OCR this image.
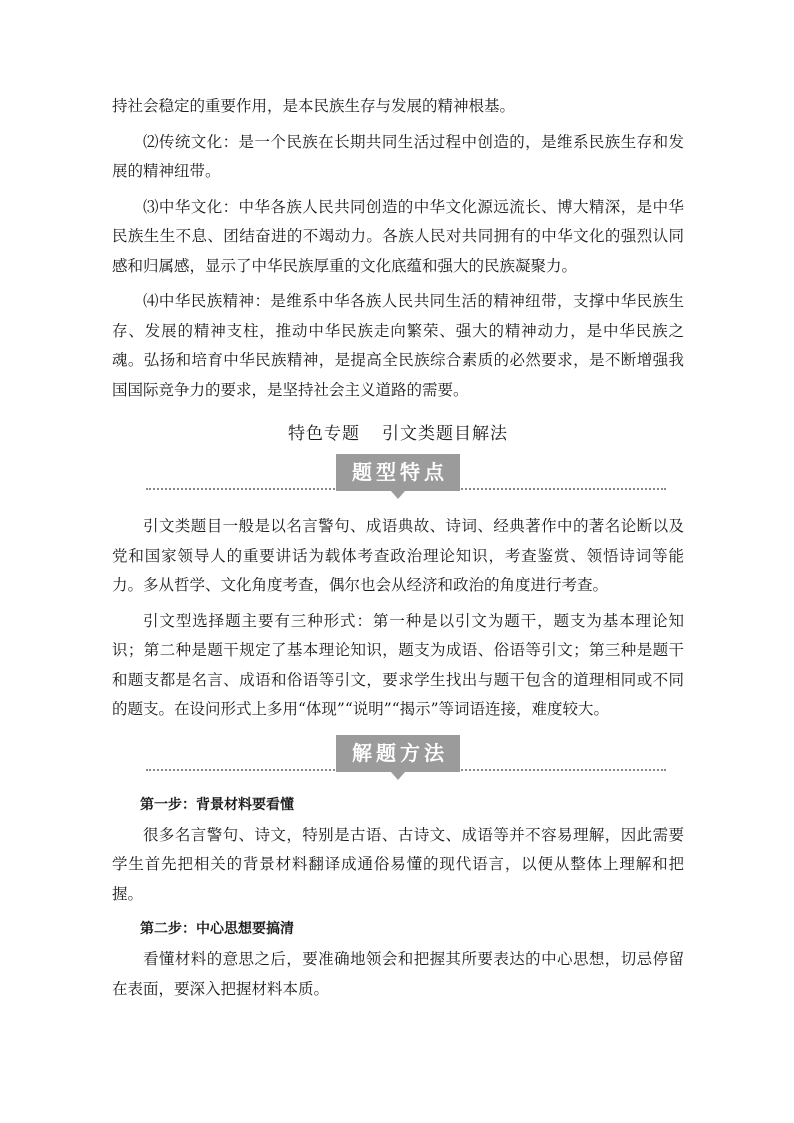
持社会稳定的重要作用，是本民族生存与发展的精神根基。

⑵传统文化：是一个民族在长期共同生活过程中创造的，是维系民族生存和发展的精神纽带。

⑶中华文化：中华各族人民共同创造的中华文化源远流长、博大精深，是中华民族生生不息、团结奋进的不竭动力。各族人民对共同拥有的中华文化的强烈认同感和归属感，显示了中华民族厚重的文化底蕴和强大的民族凝聚力。

⑷中华民族精神：是维系中华各族人民共同生活的精神纽带，支撑中华民族生存、发展的精神支柱，推动中华民族走向繁荣、强大的精神动力，是中华民族之魂。弘扬和培育中华民族精神，是提高全民族综合素质的必然要求，是不断增强我国国际竞争力的要求，是坚持社会主义道路的需要。

特色专题 引文类题目解法
题型特点

引文类题目一般是以名言警句、成语典故、诗词、经典著作中的著名论断以及党和国家领导人的重要讲话为载体考查政治理论知识，考查鉴赏、领悟诗词等能力。多从哲学、文化角度考查，偶尔也会从经济和政治的角度进行考查。

引文型选择题主要有三种形式：第一种是以引文为题干，题支为基本理论知识；第二种是题干规定了基本理论知识，题支为成语、俗语等引文；第三种是题干和题支都是名言、成语和俗语等引文，要求学生找出与题干包含的道理相同或不同的题支。在设问形式上多用“体现”“说明”“揭示”等词语连接，难度较大。

解题方法
第一步：背景材料要看懂

很多名言警句、诗文，特别是古语、古诗文、成语等并不容易理解，因此需要学生首先把相关的背景材料翻译成通俗易懂的现代语言，以便从整体上理解和把握。

第二步：中心思想要搞清

看懂材料的意思之后，要准确地领会和把握其所要表达的中心思想，切忌停留在表面，要深入把握材料本质。
